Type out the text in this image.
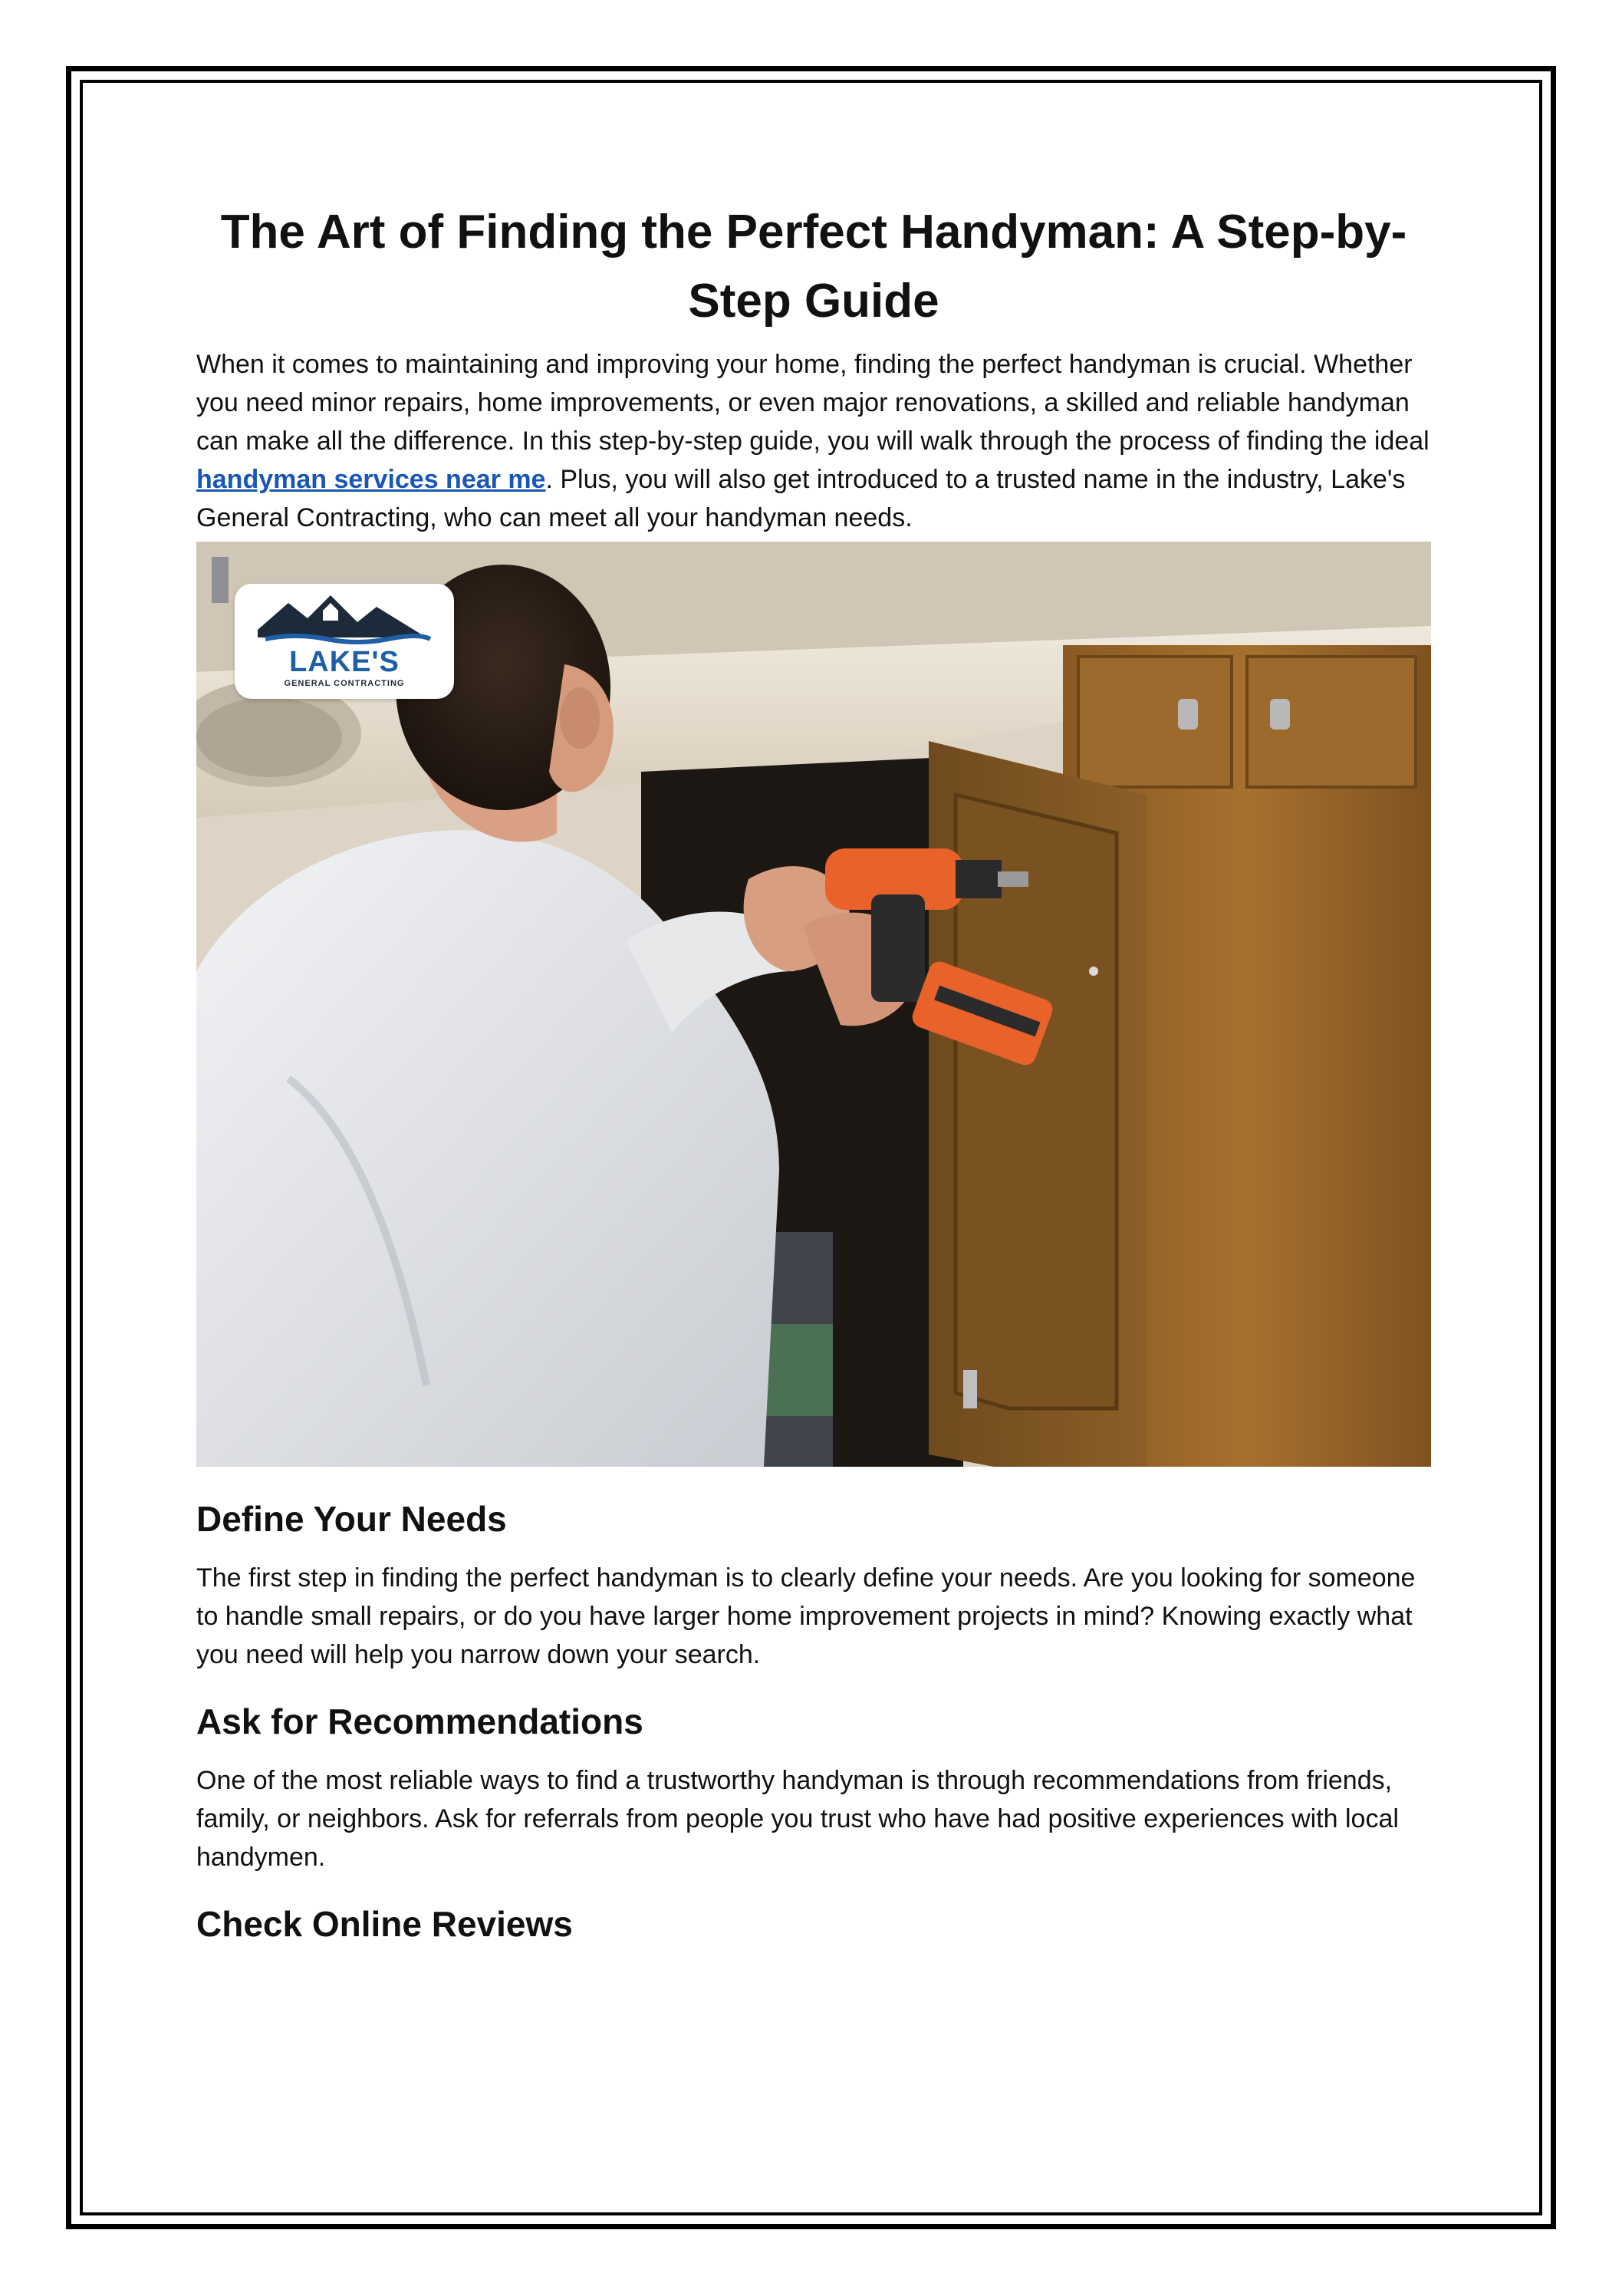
The Art of Finding the Perfect Handyman: A Step-by-Step Guide

When it comes to maintaining and improving your home, finding the perfect handyman is crucial. Whether you need minor repairs, home improvements, or even major renovations, a skilled and reliable handyman can make all the difference. In this step-by-step guide, you will walk through the process of finding the ideal handyman services near me. Plus, you will also get introduced to a trusted name in the industry, Lake's General Contracting, who can meet all your handyman needs.

LAKE'S
GENERAL CONTRACTING
Define Your Needs

The first step in finding the perfect handyman is to clearly define your needs. Are you looking for someone to handle small repairs, or do you have larger home improvement projects in mind? Knowing exactly what you need will help you narrow down your search.

Ask for Recommendations

One of the most reliable ways to find a trustworthy handyman is through recommendations from friends, family, or neighbors. Ask for referrals from people you trust who have had positive experiences with local handymen.

Check Online Reviews
